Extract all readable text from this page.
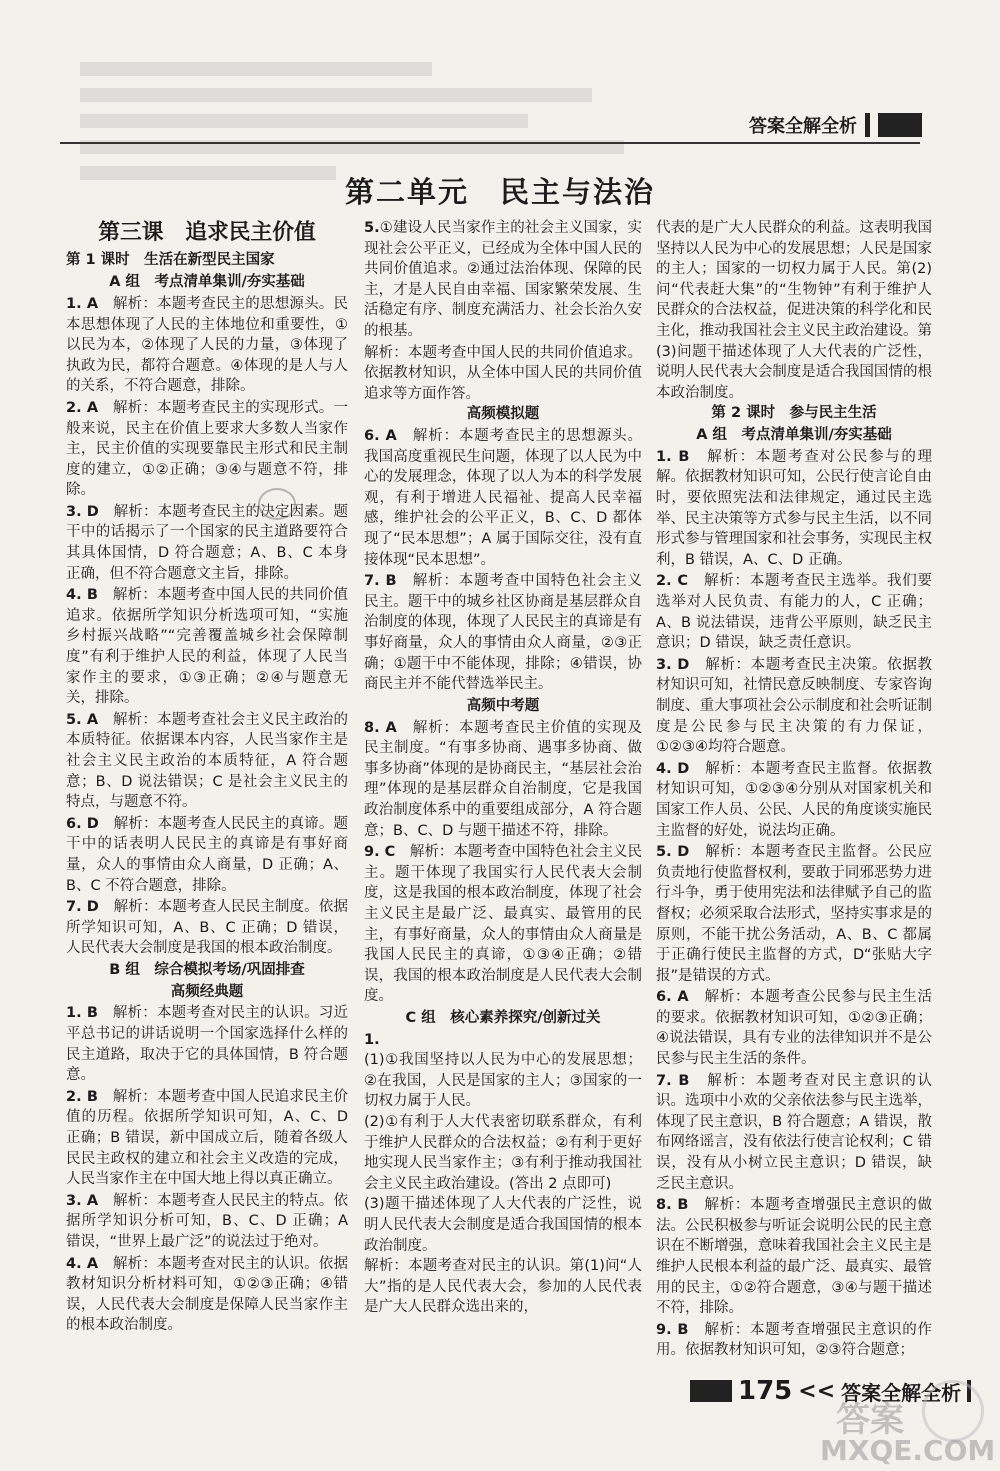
答案全解全析
第二单元　民主与法治
第三课　追求民主价值
第 1 课时　生活在新型民主国家
A 组　考点清单集训/夯实基础
1. A　解析：本题考查民主的思想源头。民本思想体现了人民的主体地位和重要性，①以民为本，②体现了人民的力量，③体现了执政为民，都符合题意。④体现的是人与人的关系，不符合题意，排除。
2. A　解析：本题考查民主的实现形式。一般来说，民主在价值上要求大多数人当家作主，民主价值的实现要靠民主形式和民主制度的建立，①②正确；③④与题意不符，排除。
3. D　解析：本题考查民主的决定因素。题干中的话揭示了一个国家的民主道路要符合其具体国情，D 符合题意；A、B、C 本身正确，但不符合题意文主旨，排除。
4. B　解析：本题考查中国人民的共同价值追求。依据所学知识分析选项可知，“实施乡村振兴战略”“完善覆盖城乡社会保障制度”有利于维护人民的利益，体现了人民当家作主的要求，①③正确；②④与题意无关，排除。
5. A　解析：本题考查社会主义民主政治的本质特征。依据课本内容，人民当家作主是社会主义民主政治的本质特征，A 符合题意；B、D 说法错误；C 是社会主义民主的特点，与题意不符。
6. D　解析：本题考查人民民主的真谛。题干中的话表明人民民主的真谛是有事好商量，众人的事情由众人商量，D 正确；A、B、C 不符合题意，排除。
7. D　解析：本题考查人民民主制度。依据所学知识可知，A、B、C 正确；D 错误，人民代表大会制度是我国的根本政治制度。
B 组　综合模拟考场/巩固排查
高频经典题
1. B　解析：本题考查对民主的认识。习近平总书记的讲话说明一个国家选择什么样的民主道路，取决于它的具体国情，B 符合题意。
2. B　解析：本题考查中国人民追求民主价值的历程。依据所学知识可知，A、C、D 正确；B 错误，新中国成立后，随着各级人民民主政权的建立和社会主义改造的完成，人民当家作主在中国大地上得以真正确立。
3. A　解析：本题考查人民民主的特点。依据所学知识分析可知，B、C、D 正确；A 错误，“世界上最广泛”的说法过于绝对。
4. A　解析：本题考查对民主的认识。依据教材知识分析材料可知，①②③正确；④错误，人民代表大会制度是保障人民当家作主的根本政治制度。
5.①建设人民当家作主的社会主义国家，实现社会公平正义，已经成为全体中国人民的共同价值追求。②通过法治体现、保障的民主，才是人民自由幸福、国家繁荣发展、生活稳定有序、制度充满活力、社会长治久安的根基。

解析：本题考查中国人民的共同价值追求。依据教材知识，从全体中国人民的共同价值追求等方面作答。

高频模拟题
6. A　解析：本题考查民主的思想源头。我国高度重视民生问题，体现了以人民为中心的发展理念，体现了以人为本的科学发展观，有利于增进人民福祉、提高人民幸福感，维护社会的公平正义，B、C、D 都体现了“民本思想”；A 属于国际交往，没有直接体现“民本思想”。
7. B　解析：本题考查中国特色社会主义民主。题干中的城乡社区协商是基层群众自治制度的体现，体现了人民民主的真谛是有事好商量，众人的事情由众人商量，②③正确；①题干中不能体现，排除；④错误，协商民主并不能代替选举民主。
高频中考题
8. A　解析：本题考查民主价值的实现及民主制度。“有事多协商、遇事多协商、做事多协商”体现的是协商民主，“基层社会治理”体现的是基层群众自治制度，它是我国政治制度体系中的重要组成部分，A 符合题意；B、C、D 与题干描述不符，排除。
9. C　解析：本题考查中国特色社会主义民主。题干体现了我国实行人民代表大会制度，这是我国的根本政治制度，体现了社会主义民主是最广泛、最真实、最管用的民主，有事好商量，众人的事情由众人商量是我国人民民主的真谛，①③④正确；②错误，我国的根本政治制度是人民代表大会制度。
C 组　核心素养探究/创新过关
1.
(1)①我国坚持以人民为中心的发展思想；②在我国，人民是国家的主人；③国家的一切权力属于人民。
(2)①有利于人大代表密切联系群众，有利于维护人民群众的合法权益；②有利于更好地实现人民当家作主；③有利于推动我国社会主义民主政治建设。(答出 2 点即可)
(3)题干描述体现了人大代表的广泛性，说明人民代表大会制度是适合我国国情的根本政治制度。
解析：本题考查对民主的认识。第(1)问“人大”指的是人民代表大会，参加的人民代表是广大人民群众选出来的，

代表的是广大人民群众的利益。这表明我国坚持以人民为中心的发展思想；人民是国家的主人；国家的一切权力属于人民。第(2)问“代表赶大集”的“生物钟”有利于维护人民群众的合法权益，促进决策的科学化和民主化，推动我国社会主义民主政治建设。第(3)问题干描述体现了人大代表的广泛性，说明人民代表大会制度是适合我国国情的根本政治制度。

第 2 课时　参与民主生活
A 组　考点清单集训/夯实基础
1. B　解析：本题考查对公民参与的理解。依据教材知识可知，公民行使言论自由时，要依照宪法和法律规定，通过民主选举、民主决策等方式参与民主生活，以不同形式参与管理国家和社会事务，实现民主权利，B 错误，A、C、D 正确。
2. C　解析：本题考查民主选举。我们要选举对人民负责、有能力的人，C 正确；A、B 说法错误，违背公平原则，缺乏民主意识；D 错误，缺乏责任意识。
3. D　解析：本题考查民主决策。依据教材知识可知，社情民意反映制度、专家咨询制度、重大事项社会公示制度和社会听证制度是公民参与民主决策的有力保证，①②③④均符合题意。
4. D　解析：本题考查民主监督。依据教材知识可知，①②③④分别从对国家机关和国家工作人员、公民、人民的角度谈实施民主监督的好处，说法均正确。
5. D　解析：本题考查民主监督。公民应负责地行使监督权利，要敢于同邪恶势力进行斗争，勇于使用宪法和法律赋予自己的监督权；必须采取合法形式，坚持实事求是的原则，不能干扰公务活动，A、B、C 都属于正确行使民主监督的方式，D“张贴大字报”是错误的方式。
6. A　解析：本题考查公民参与民主生活的要求。依据教材知识可知，①②③正确；④说法错误，具有专业的法律知识并不是公民参与民主生活的条件。
7. B　解析：本题考查对民主意识的认识。选项中小欢的父亲依法参与民主选举，体现了民主意识，B 符合题意；A 错误，散布网络谣言，没有依法行使言论权利；C 错误，没有从小树立民主意识；D 错误，缺乏民主意识。
8. B　解析：本题考查增强民主意识的做法。公民积极参与听证会说明公民的民主意识在不断增强，意味着我国社会主义民主是维护人民根本利益的最广泛、最真实、最管用的民主，①②符合题意，③④与题干描述不符，排除。
9. B　解析：本题考查增强民主意识的作用。依据教材知识可知，②③符合题意；
175 << 答案全解全析
答案
MXQE.COM
